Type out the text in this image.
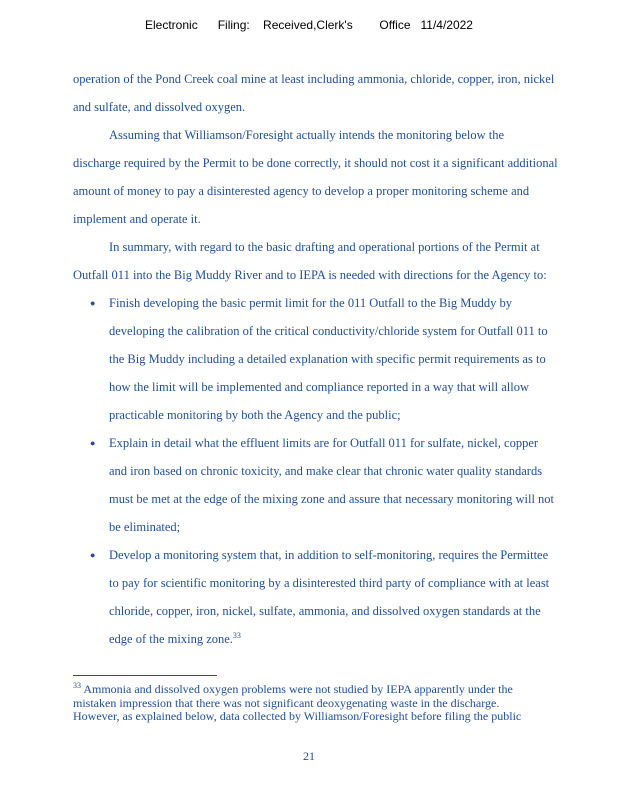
Electronic      Filing:    Received,Clerk's        Office   11/4/2022
operation of the Pond Creek coal mine at least including ammonia, chloride, copper, iron, nickel
and sulfate, and dissolved oxygen.
Assuming that Williamson/Foresight actually intends the monitoring below the
discharge required by the Permit to be done correctly, it should not cost it a significant additional
amount of money to pay a disinterested agency to develop a proper monitoring scheme and
implement and operate it.
In summary, with regard to the basic drafting and operational portions of the Permit at
Outfall 011 into the Big Muddy River and to IEPA is needed with directions for the Agency to:
●	Finish developing the basic permit limit for the 011 Outfall to the Big Muddy by
developing the calibration of the critical conductivity/chloride system for Outfall 011 to
the Big Muddy including a detailed explanation with specific permit requirements as to
how the limit will be implemented and compliance reported in a way that will allow
practicable monitoring by both the Agency and the public;
●	Explain in detail what the effluent limits are for Outfall 011 for sulfate, nickel, copper
and iron based on chronic toxicity, and make clear that chronic water quality standards
must be met at the edge of the mixing zone and assure that necessary monitoring will not
be eliminated;
●	Develop a monitoring system that, in addition to self-monitoring, requires the Permittee
to pay for scientific monitoring by a disinterested third party of compliance with at least
chloride, copper, iron, nickel, sulfate, ammonia, and dissolved oxygen standards at the
edge of the mixing zone.$^{33}$
$^{33}$ Ammonia and dissolved oxygen problems were not studied by IEPA apparently under the
mistaken impression that there was not significant deoxygenating waste in the discharge.
However, as explained below, data collected by Williamson/Foresight before filing the public
21
